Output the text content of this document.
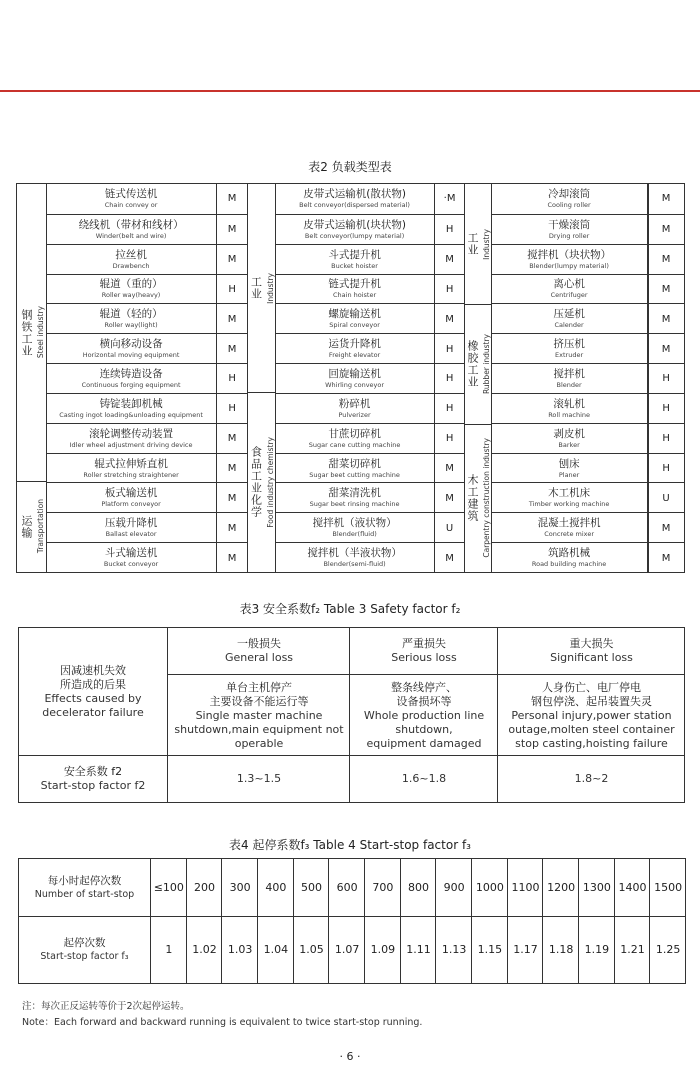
表2 负载类型表
钢铁工业 Steel industry
运输 Transportation
工业 Industry
食品工业化学 Food industry chemistry
工业 Industry
橡胶工业 Rubber industry
木工建筑 Carpentry construction industry
链式传送机
Chain convey or
M
绕线机（带材和线材）
Winder(belt and wire)
M
拉丝机
Drawbench
M
辊道（重的）
Roller way(heavy)
H
辊道（轻的）
Roller way(light)
M
横向移动设备
Horizontal moving equipment
M
连续铸造设备
Continuous forging equipment
H
铸锭装卸机械
Casting ingot loading&unloading equipment
H
滚轮调整传动装置
Idler wheel adjustment driving device
M
辊式拉伸矫直机
Roller stretching straightener
M
板式输送机
Platform conveyor
M
压载升降机
Ballast elevator
M
斗式输送机
Bucket conveyor
M
皮带式运输机(散状物)
Belt conveyor(dispersed material)
·M
皮带式运输机(块状物)
Belt conveyor(lumpy material)
H
斗式提升机
Bucket hoister
M
链式提升机
Chain hoister
H
螺旋输送机
Spiral conveyor
M
运货升降机
Freight elevator
H
回旋输送机
Whirling conveyor
H
粉碎机
Pulverizer
H
甘蔗切碎机
Sugar cane cutting machine
H
甜菜切碎机
Sugar beet cutting machine
M
甜菜清洗机
Sugar beet rinsing machine
M
搅拌机（液状物）
Blender(fluid)
U
搅拌机（半液状物）
Blender(semi-fluid)
M
冷却滚筒
Cooling roller
M
干燥滚筒
Drying roller
M
搅拌机（块状物）
Blender(lumpy material)
M
离心机
Centrifuger
M
压延机
Calender
M
挤压机
Extruder
M
搅拌机
Blender
H
滚轧机
Roll machine
H
剥皮机
Barker
H
刨床
Planer
H
木工机床
Timber working machine
U
混凝土搅拌机
Concrete mixer
M
筑路机械
Road building machine
M
表3 安全系数f₂ Table 3 Safety factor f₂
因减速机失效
所造成的后果
Effects caused by
decelerator failure
安全系数 f2
Start-stop factor f2
一般损失
General loss
单台主机停产
主要设备不能运行等
Single master machine
shutdown,main equipment not
operable
1.3~1.5
严重损失
Serious loss
整条线停产、
设备损坏等
Whole production line
shutdown,
equipment damaged
1.6~1.8
重大损失
Significant loss
人身伤亡、电厂停电
钢包停浇、起吊装置失灵
Personal injury,power station
outage,molten steel container
stop casting,hoisting failure
1.8~2
表4 起停系数f₃ Table 4 Start-stop factor f₃
每小时起停次数
Number of start-stop
起停次数
Start-stop factor f₃
≤100
1
200
1.02
300
1.03
400
1.04
500
1.05
600
1.07
700
1.09
800
1.11
900
1.13
1000
1.15
1100
1.17
1200
1.18
1300
1.19
1400
1.21
1500
1.25
注：每次正反运转等价于2次起停运转。
Note：Each forward and backward running is equivalent to twice start-stop running.
· 6 ·
